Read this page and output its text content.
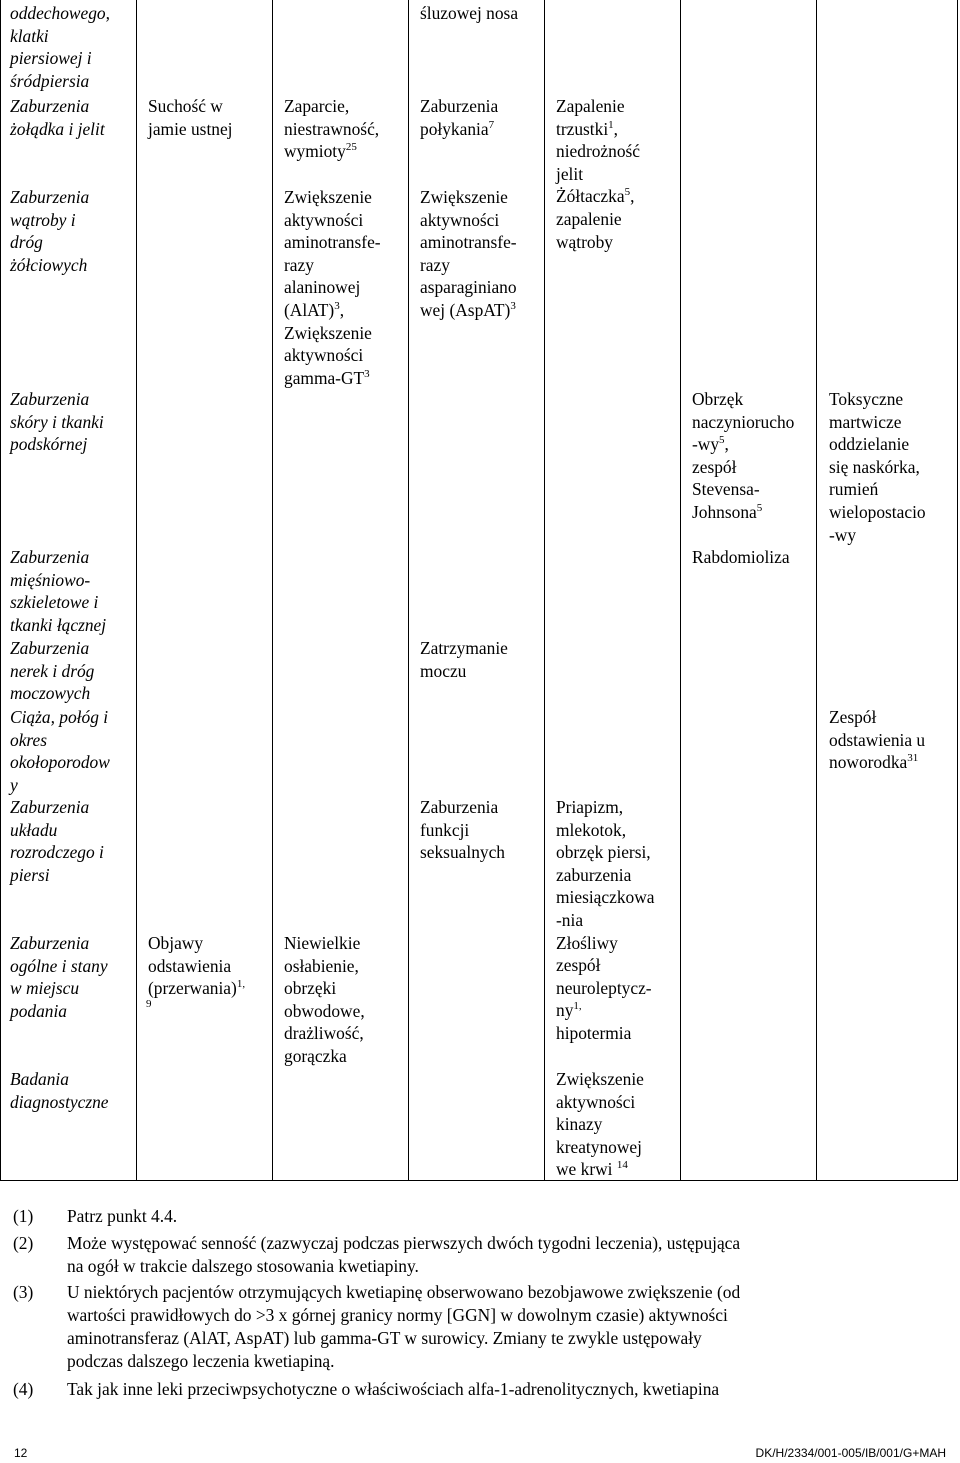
oddechowego,
klatki
piersiowej i
śródpiersia
Zaburzenia
żołądka i jelit
Zaburzenia
wątroby i
dróg
żółciowych
Zaburzenia
skóry i tkanki
podskórnej
Zaburzenia
mięśniowo-
szkieletowe i
tkanki łącznej
Zaburzenia
nerek i dróg
moczowych
Ciąża, połóg i
okres
okołoporodow
y
Zaburzenia
układu
rozrodczego i
piersi
Zaburzenia
ogólne i stany
w miejscu
podania
Badania
diagnostyczne
Suchość w
jamie ustnej
Objawy
odstawienia
(przerwania)$^{1,}$
9
Zaparcie,
niestrawność,
wymioty$^{25}$
Zwiększenie
aktywności
aminotransfe-
razy
alaninowej
(AlAT)$^3$,
Zwiększenie
aktywności
gamma-$GT^3$
Niewielkie
osłabienie,
obrzęki
obwodowe,
drażliwość,
gorączka
śluzowej nosa
Zaburzenia
połykania$^7$
Zwiększenie
aktywności
aminotransfe-
razy
asparaginiano
wej (AspAT)$^3$
Zatrzymanie
moczu
Zaburzenia
funkcji
seksualnych
Zapalenie
trzustki$^1$,
niedrożność
jelit
Żółtaczka$^5$,
zapalenie
wątroby
Priapizm,
mlekotok,
obrzęk piersi,
zaburzenia
miesiączkowa
-nia
Złośliwy
zespół
neuroleptycz-
$ny^{1,}$
hipotermia
Zwiększenie
aktywności
kinazy
kreatynowej
we krwi $^{14}$
Obrzęk
naczyniorucho
$-wy^5$,
zespół
Stevensa-
Johnsona$^5$
Rabdomioliza
Toksyczne
martwicze
oddzielanie
się naskórka,
rumień
wielopostacio
-wy
Zespół
odstawienia u
noworodka$^{31}$
(1) Patrz punkt 4.4.
(2) Może występować senność (zazwyczaj podczas pierwszych dwóch tygodni leczenia), ustępująca
na ogół w trakcie dalszego stosowania kwetiapiny.
(3) U niektórych pacjentów otrzymujących kwetiapinę obserwowano bezobjawowe zwiększenie (od
wartości prawidłowych do >3 x górnej granicy normy [GGN] w dowolnym czasie) aktywności
aminotransferaz (AlAT, AspAT) lub gamma-GT w surowicy. Zmiany te zwykle ustępowały
podczas dalszego leczenia kwetiapiną.
(4) Tak jak inne leki przeciwpsychotyczne o właściwościach alfa-1-adrenolitycznych, kwetiapina
12	DK/H/2334/001-005/IB/001/G+MAH
